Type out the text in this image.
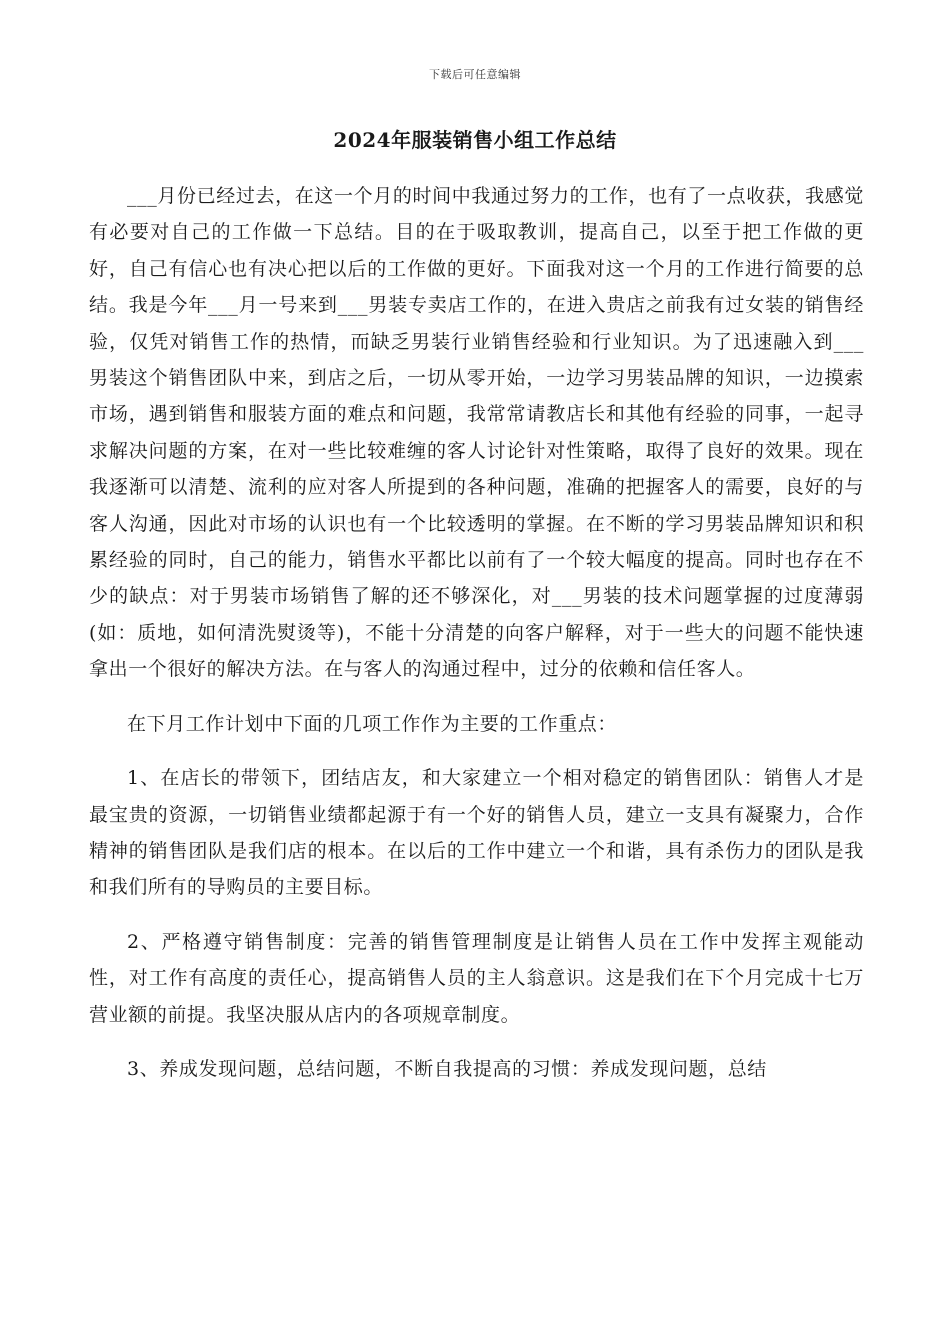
下载后可任意编辑
2024年服装销售小组工作总结

___月份已经过去，在这一个月的时间中我通过努力的工作，也有了一点收获，我感觉有必要对自己的工作做一下总结。目的在于吸取教训，提高自己，以至于把工作做的更好，自己有信心也有决心把以后的工作做的更好。下面我对这一个月的工作进行简要的总结。我是今年___月一号来到___男装专卖店工作的，在进入贵店之前我有过女装的销售经验，仅凭对销售工作的热情，而缺乏男装行业销售经验和行业知识。为了迅速融入到___男装这个销售团队中来，到店之后，一切从零开始，一边学习男装品牌的知识，一边摸索市场，遇到销售和服装方面的难点和问题，我常常请教店长和其他有经验的同事，一起寻求解决问题的方案，在对一些比较难缠的客人讨论针对性策略，取得了良好的效果。现在我逐渐可以清楚、流利的应对客人所提到的各种问题，准确的把握客人的需要，良好的与客人沟通，因此对市场的认识也有一个比较透明的掌握。在不断的学习男装品牌知识和积累经验的同时，自己的能力，销售水平都比以前有了一个较大幅度的提高。同时也存在不少的缺点：对于男装市场销售了解的还不够深化，对___男装的技术问题掌握的过度薄弱(如：质地，如何清洗熨烫等)，不能十分清楚的向客户解释，对于一些大的问题不能快速拿出一个很好的解决方法。在与客人的沟通过程中，过分的依赖和信任客人。

在下月工作计划中下面的几项工作作为主要的工作重点：

1、在店长的带领下，团结店友，和大家建立一个相对稳定的销售团队：销售人才是最宝贵的资源，一切销售业绩都起源于有一个好的销售人员，建立一支具有凝聚力，合作精神的销售团队是我们店的根本。在以后的工作中建立一个和谐，具有杀伤力的团队是我和我们所有的导购员的主要目标。

2、严格遵守销售制度：完善的销售管理制度是让销售人员在工作中发挥主观能动性，对工作有高度的责任心，提高销售人员的主人翁意识。这是我们在下个月完成十七万营业额的前提。我坚决服从店内的各项规章制度。

3、养成发现问题，总结问题，不断自我提高的习惯：养成发现问题，总结
